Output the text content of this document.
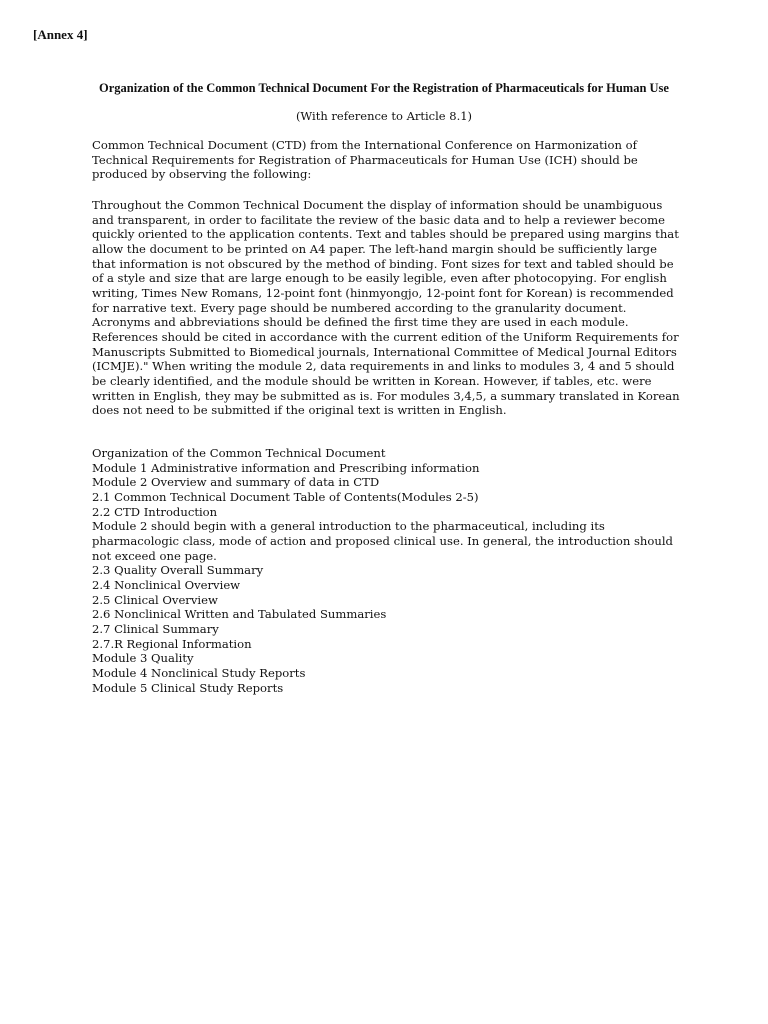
[Annex 4]
Organization of the Common Technical Document For the Registration of Pharmaceuticals for Human Use
(With reference to Article 8.1)

Common Technical Document (CTD) from the International Conference on Harmonization of Technical Requirements for Registration of Pharmaceuticals for Human Use (ICH) should be produced by observing the following:

Throughout the Common Technical Document the display of information should be unambiguous and transparent, in order to facilitate the review of the basic data and to help a reviewer become quickly oriented to the application contents. Text and tables should be prepared using margins that allow the document to be printed on A4 paper. The left-hand margin should be sufficiently large that information is not obscured by the method of binding. Font sizes for text and tabled should be of a style and size that are large enough to be easily legible, even after photocopying. For english writing, Times New Romans, 12-point font (hinmyongjo, 12-point font for Korean) is recommended for narrative text. Every page should be numbered according to the granularity document. Acronyms and abbreviations should be defined the first time they are used in each module. References should be cited in accordance with the current edition of the Uniform Requirements for Manuscripts Submitted to Biomedical journals, International Committee of Medical Journal Editors (ICMJE)." When writing the module 2, data requirements in and links to modules 3, 4 and 5 should be clearly identified, and the module should be written in Korean. However, if tables, etc. were written in English, they may be submitted as is. For modules 3,4,5, a summary translated in Korean does not need to be submitted if the original text is written in English.

Organization of the Common Technical Document
Module 1 Administrative information and Prescribing information
Module 2 Overview and summary of data in CTD
2.1 Common Technical Document Table of Contents(Modules 2-5)
2.2 CTD Introduction
Module 2 should begin with a general introduction to the pharmaceutical, including its pharmacologic class, mode of action and proposed clinical use. In general, the introduction should not exceed one page.
2.3 Quality Overall Summary
2.4 Nonclinical Overview
2.5 Clinical Overview
2.6 Nonclinical Written and Tabulated Summaries
2.7 Clinical Summary
2.7.R Regional Information
Module 3 Quality
Module 4 Nonclinical Study Reports
Module 5 Clinical Study Reports
